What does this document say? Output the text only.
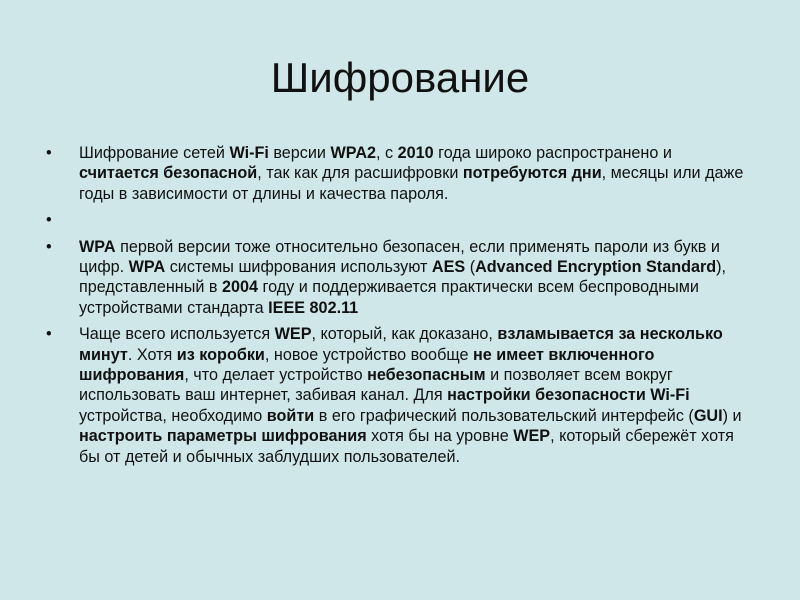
Шифрование
•	Шифрование сетей Wi-Fi версии WPA2, с 2010 года широко распространено и считается безопасной, так как для расшифровки потребуются дни, месяцы или даже годы в зависимости от длины и качества пароля.
•
•	WPA первой версии тоже относительно безопасен, если применять пароли из букв и цифр. WPA системы шифрования используют AES (Advanced Encryption Standard), представленный в 2004 году и поддерживается практически всем беспроводными устройствами стандарта IEEE 802.11
•	Чаще всего используется WEP, который, как доказано, взламывается за несколько минут. Хотя из коробки, новое устройство вообще не имеет включенного шифрования, что делает устройство небезопасным и позволяет всем вокруг использовать ваш интернет, забивая канал. Для настройки безопасности Wi-Fi устройства, необходимо войти в его графический пользовательский интерфейс (GUI) и настроить параметры шифрования хотя бы на уровне WEP, который сбережёт хотя бы от детей и обычных заблудших пользователей.
